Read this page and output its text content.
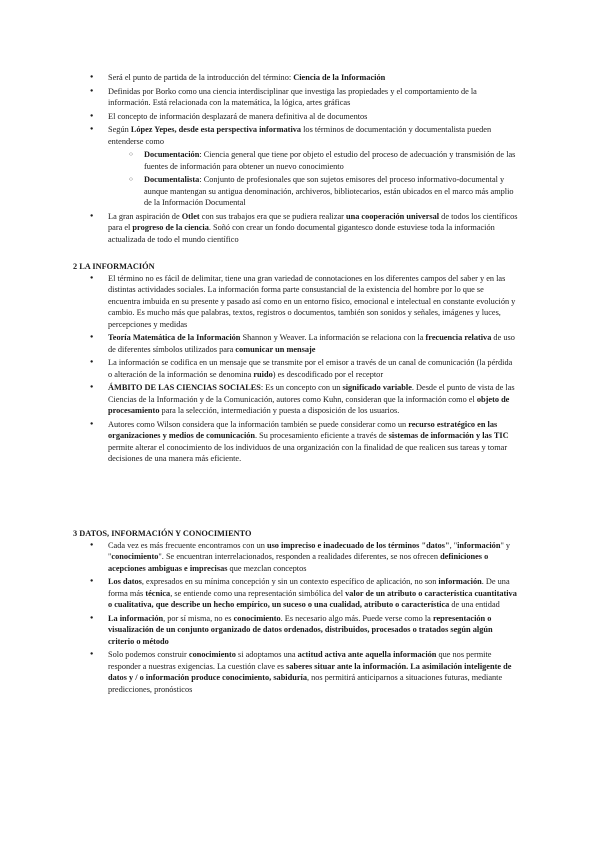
● Será el punto de partida de la introducción del término: Ciencia de la Información
● Definidas por Borko como una ciencia interdisciplinar que investiga las propiedades y el comportamiento de la información. Está relacionada con la matemática, la lógica, artes gráficas
● El concepto de información desplazará de manera definitiva al de documentos
● Según López Yepes, desde esta perspectiva informativa los términos de documentación y documentalista pueden entenderse como
○ Documentación: Ciencia general que tiene por objeto el estudio del proceso de adecuación y transmisión de las fuentes de información para obtener un nuevo conocimiento
○ Documentalista: Conjunto de profesionales que son sujetos emisores del proceso informativo-documental y aunque mantengan su antigua denominación, archiveros, bibliotecarios, están ubicados en el marco más amplio de la Información Documental
● La gran aspiración de Otlet con sus trabajos era que se pudiera realizar una cooperación universal de todos los científicos para el progreso de la ciencia. Soñó con crear un fondo documental gigantesco donde estuviese toda la información actualizada de todo el mundo científico
2 LA INFORMACIÓN
● El término no es fácil de delimitar, tiene una gran variedad de connotaciones en los diferentes campos del saber y en las distintas actividades sociales. La información forma parte consustancial de la existencia del hombre por lo que se encuentra imbuida en su presente y pasado así como en un entorno físico, emocional e intelectual en constante evolución y cambio. Es mucho más que palabras, textos, registros o documentos, también son sonidos y señales, imágenes y luces, percepciones y medidas
● Teoría Matemática de la Información Shannon y Weaver. La información se relaciona con la frecuencia relativa de uso de diferentes símbolos utilizados para comunicar un mensaje
● La información se codifica en un mensaje que se transmite por el emisor a través de un canal de comunicación (la pérdida o alteración de la información se denomina ruido) es descodificado por el receptor
● ÁMBITO DE LAS CIENCIAS SOCIALES: Es un concepto con un significado variable. Desde el punto de vista de las Ciencias de la Información y de la Comunicación, autores como Kuhn, consideran que la información como el objeto de procesamiento para la selección, intermediación y puesta a disposición de los usuarios.
● Autores como Wilson considera que la información también se puede considerar como un recurso estratégico en las organizaciones y medios de comunicación. Su procesamiento eficiente a través de sistemas de información y las TIC permite alterar el conocimiento de los individuos de una organización con la finalidad de que realicen sus tareas y tomar decisiones de una manera más eficiente.
3 DATOS, INFORMACIÓN Y CONOCIMIENTO
● Cada vez es más frecuente encontramos con un uso impreciso e inadecuado de los términos "datos", "información" y "conocimiento". Se encuentran interrelacionados, responden a realidades diferentes, se nos ofrecen definiciones o acepciones ambiguas e imprecisas que mezclan conceptos
● Los datos, expresados en su mínima concepción y sin un contexto específico de aplicación, no son información. De una forma más técnica, se entiende como una representación simbólica del valor de un atributo o característica cuantitativa o cualitativa, que describe un hecho empírico, un suceso o una cualidad, atributo o característica de una entidad
● La información, por sí misma, no es conocimiento. Es necesario algo más. Puede verse como la representación o visualización de un conjunto organizado de datos ordenados, distribuidos, procesados o tratados según algún criterio o método
● Solo podemos construir conocimiento si adoptamos una actitud activa ante aquella información que nos permite responder a nuestras exigencias. La cuestión clave es saberes situar ante la información. La asimilación inteligente de datos y / o información produce conocimiento, sabiduría, nos permitirá anticiparnos a situaciones futuras, mediante predicciones, pronósticos
